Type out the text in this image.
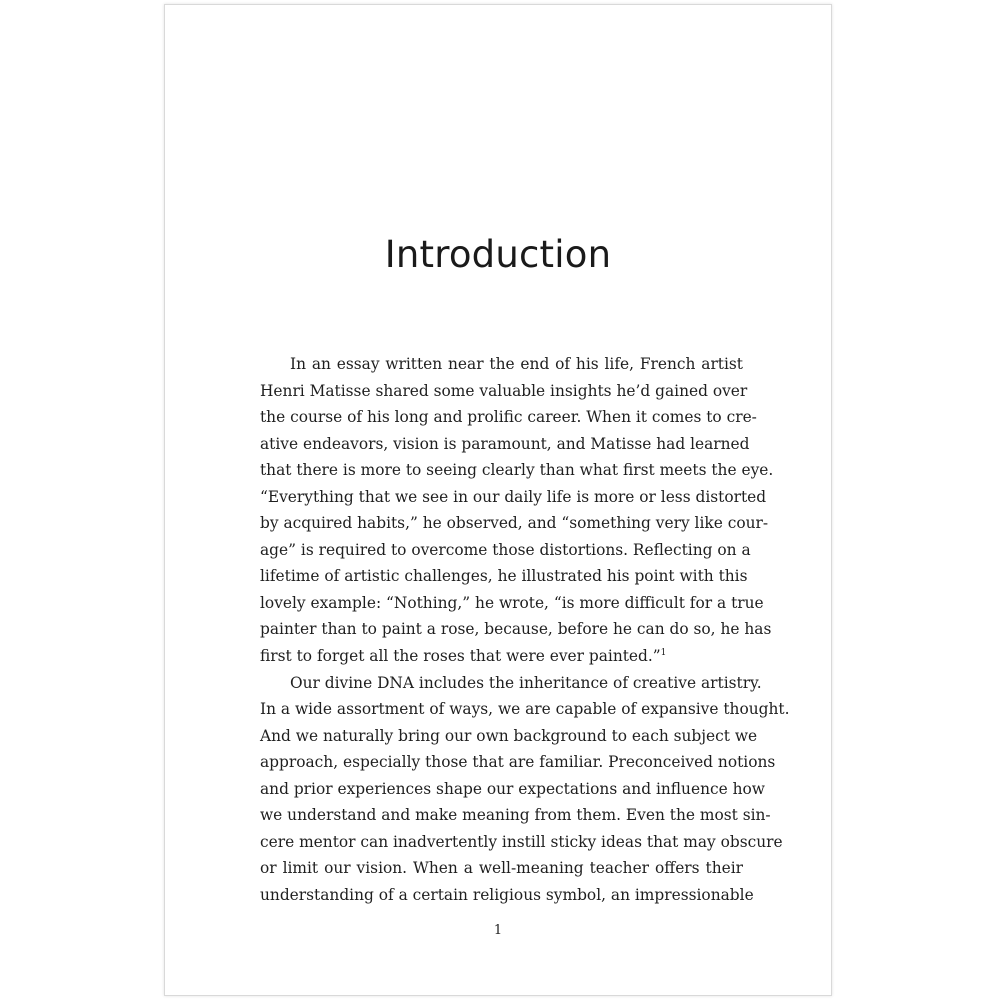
Introduction
In an essay written near the end of his life, French artist
Henri Matisse shared some valuable insights he’d gained over
the course of his long and prolific career. When it comes to cre-
ative endeavors, vision is paramount, and Matisse had learned
that there is more to seeing clearly than what first meets the eye.
“Everything that we see in our daily life is more or less distorted
by acquired habits,” he observed, and “something very like cour-
age” is required to overcome those distortions. Reflecting on a
lifetime of artistic challenges, he illustrated his point with this
lovely example: “Nothing,” he wrote, “is more difficult for a true
painter than to paint a rose, because, before he can do so, he has
first to forget all the roses that were ever painted.”$^1$
Our divine DNA includes the inheritance of creative artistry.
In a wide assortment of ways, we are capable of expansive thought.
And we naturally bring our own background to each subject we
approach, especially those that are familiar. Preconceived notions
and prior experiences shape our expectations and influence how
we understand and make meaning from them. Even the most sin-
cere mentor can inadvertently instill sticky ideas that may obscure
or limit our vision. When a well-meaning teacher offers their
understanding of a certain religious symbol, an impressionable
1
